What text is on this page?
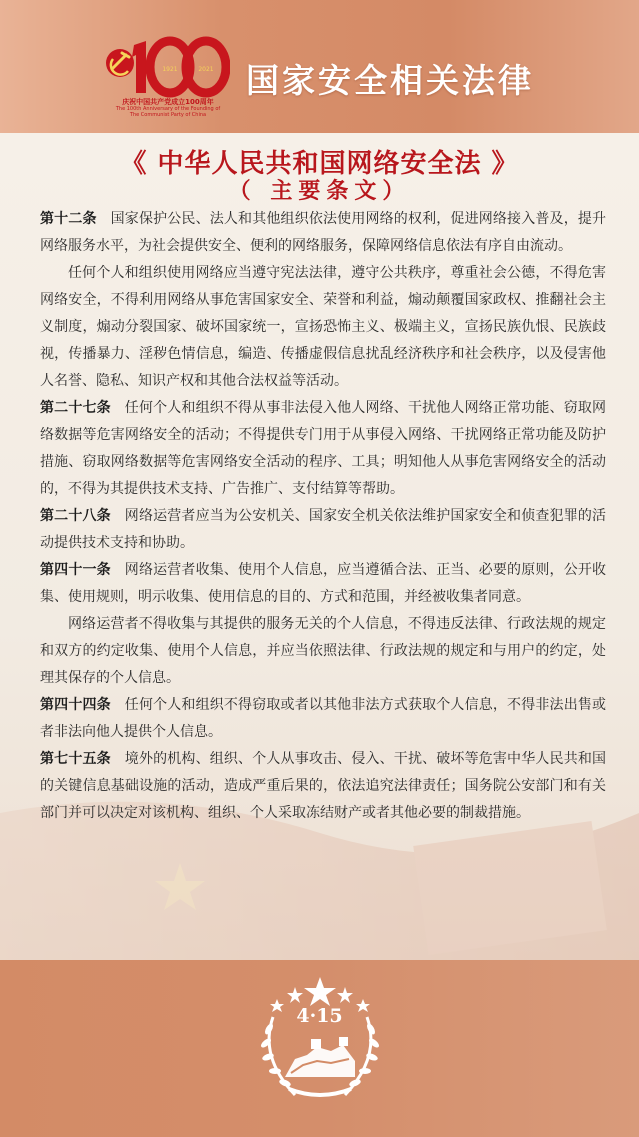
1921	2021
100
庆祝中国共产党成立100周年
The 100th Anniversary of the Founding of
The Communist Party of China
国家安全相关法律
《 中华人民共和国网络安全法 》
（ 主要条文）

第十二条 国家保护公民、法人和其他组织依法使用网络的权利，促进网络接入普及，提升网络服务水平，为社会提供安全、便利的网络服务，保障网络信息依法有序自由流动。

任何个人和组织使用网络应当遵守宪法法律，遵守公共秩序，尊重社会公德，不得危害网络安全，不得利用网络从事危害国家安全、荣誉和利益，煽动颠覆国家政权、推翻社会主义制度，煽动分裂国家、破坏国家统一，宣扬恐怖主义、极端主义，宣扬民族仇恨、民族歧视，传播暴力、淫秽色情信息，编造、传播虚假信息扰乱经济秩序和社会秩序，以及侵害他人名誉、隐私、知识产权和其他合法权益等活动。

第二十七条 任何个人和组织不得从事非法侵入他人网络、干扰他人网络正常功能、窃取网络数据等危害网络安全的活动；不得提供专门用于从事侵入网络、干扰网络正常功能及防护措施、窃取网络数据等危害网络安全活动的程序、工具；明知他人从事危害网络安全的活动的，不得为其提供技术支持、广告推广、支付结算等帮助。

第二十八条 网络运营者应当为公安机关、国家安全机关依法维护国家安全和侦查犯罪的活动提供技术支持和协助。

第四十一条 网络运营者收集、使用个人信息，应当遵循合法、正当、必要的原则，公开收集、使用规则，明示收集、使用信息的目的、方式和范围，并经被收集者同意。

网络运营者不得收集与其提供的服务无关的个人信息，不得违反法律、行政法规的规定和双方的约定收集、使用个人信息，并应当依照法律、行政法规的规定和与用户的约定，处理其保存的个人信息。

第四十四条 任何个人和组织不得窃取或者以其他非法方式获取个人信息，不得非法出售或者非法向他人提供个人信息。

第七十五条 境外的机构、组织、个人从事攻击、侵入、干扰、破坏等危害中华人民共和国的关键信息基础设施的活动，造成严重后果的，依法追究法律责任；国务院公安部门和有关部门并可以决定对该机构、组织、个人采取冻结财产或者其他必要的制裁措施。

4·15
